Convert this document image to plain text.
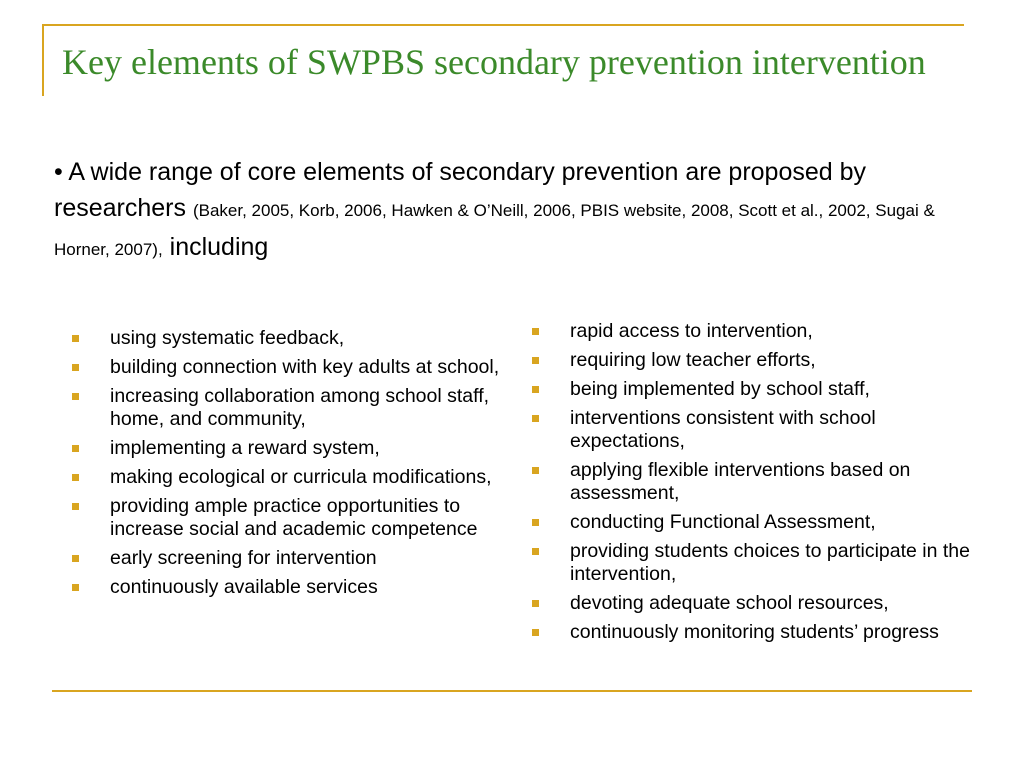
Key elements of SWPBS secondary prevention intervention

• A wide range of core elements of secondary prevention are proposed by researchers (Baker, 2005, Korb, 2006, Hawken & O’Neill, 2006, PBIS website, 2008, Scott et al., 2002, Sugai & Horner, 2007), including

using systematic feedback,
building connection with key adults at school,
increasing collaboration among school staff, home, and community,
implementing a reward system,
making ecological or curricula modifications,
providing ample practice opportunities to increase social and academic competence
early screening for intervention
continuously available services
rapid access to intervention,
requiring low teacher efforts,
being implemented by school staff,
interventions consistent with school expectations,
applying flexible interventions based on assessment,
conducting Functional Assessment,
providing students choices to participate in the intervention,
devoting adequate school resources,
continuously monitoring students’ progress
